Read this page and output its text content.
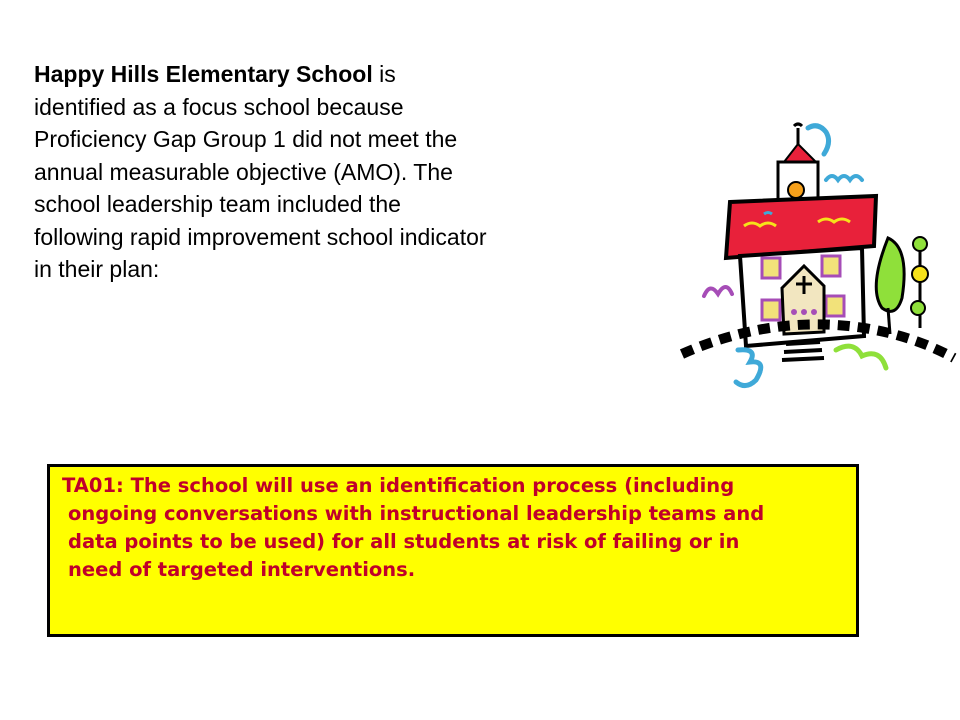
Happy Hills Elementary School is
identified as a focus school because
Proficiency Gap Group 1 did not meet the
annual measurable objective (AMO). The
school leadership team included the
following rapid improvement school indicator
in their plan:
TA01: The school will use an identification process (including
ongoing conversations with instructional leadership teams and
data points to be used) for all students at risk of failing or in
need of targeted interventions.
